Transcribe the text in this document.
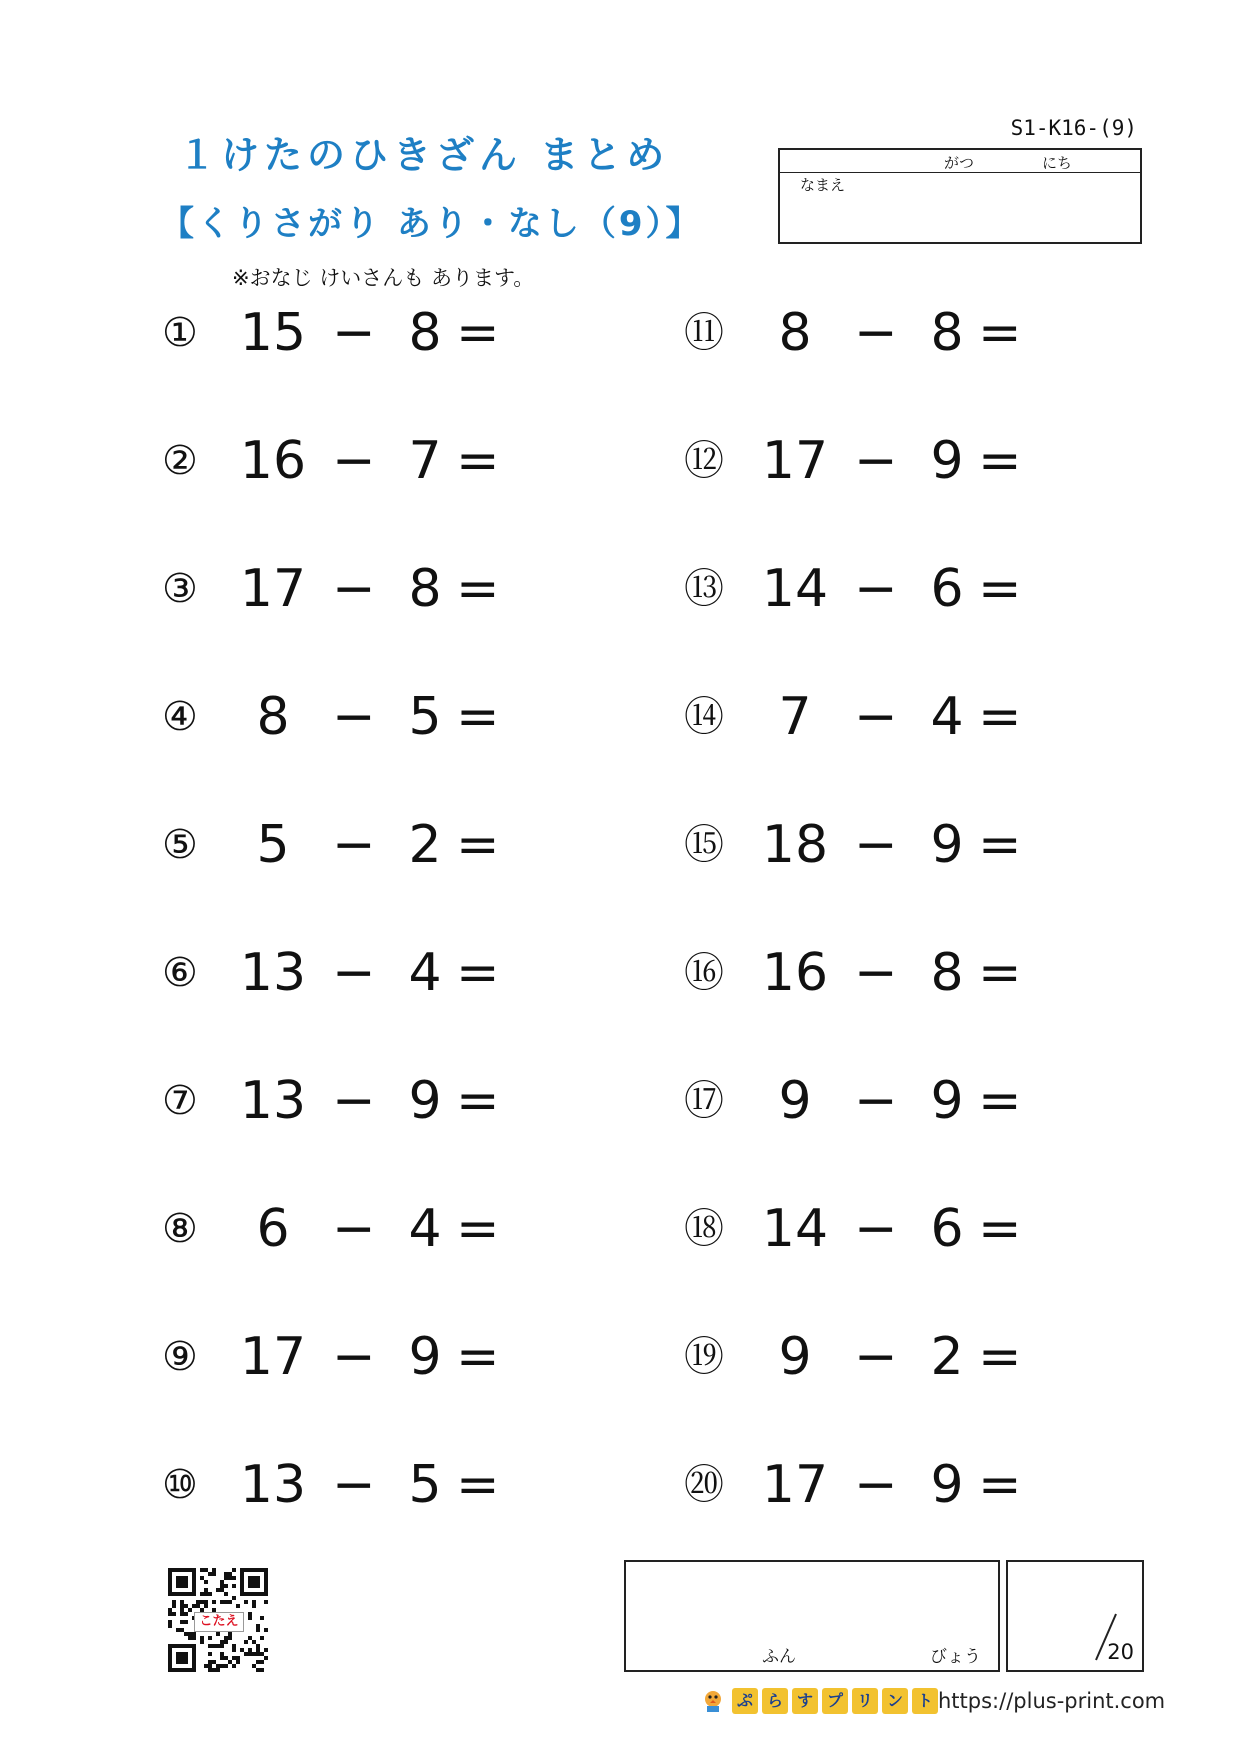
１けたのひきざん まとめ
【くりさがり あり・なし（9）】
※おなじ けいさんも あります。
S1-K16-(9)
がつ	にち
なまえ
① 15 − 8 =
② 16 − 7 =
③ 17 − 8 =
④	8 − 5 =
⑤	5 − 2 =
⑥ 13 − 4 =
⑦ 13 − 9 =
⑧	6 − 4 =
⑨ 17 − 9 =
⑩ 13 − 5 =
⑪	8 − 8 =
⑫ 17 − 9 =
⑬ 14 − 6 =
⑭	7 − 4 =
⑮ 18 − 9 =
⑯ 16 − 8 =
⑰	9 − 9 =
⑱ 14 − 6 =
⑲	9 − 2 =
⑳ 17 − 9 =
こたえ
ふん	びょう	20
ぷ ら す プ リ ン ト https://plus-print.com
